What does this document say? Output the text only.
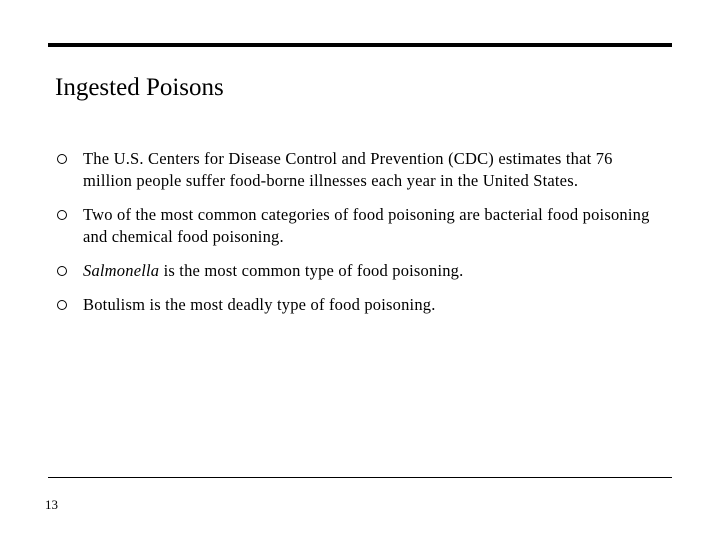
Ingested Poisons
The U.S. Centers for Disease Control and Prevention (CDC) estimates that 76 million people suffer food-borne illnesses each year in the United States.
Two of the most common categories of food poisoning are bacterial food poisoning and chemical food poisoning.
Salmonella is the most common type of food poisoning.
Botulism is the most deadly type of food poisoning.
13
